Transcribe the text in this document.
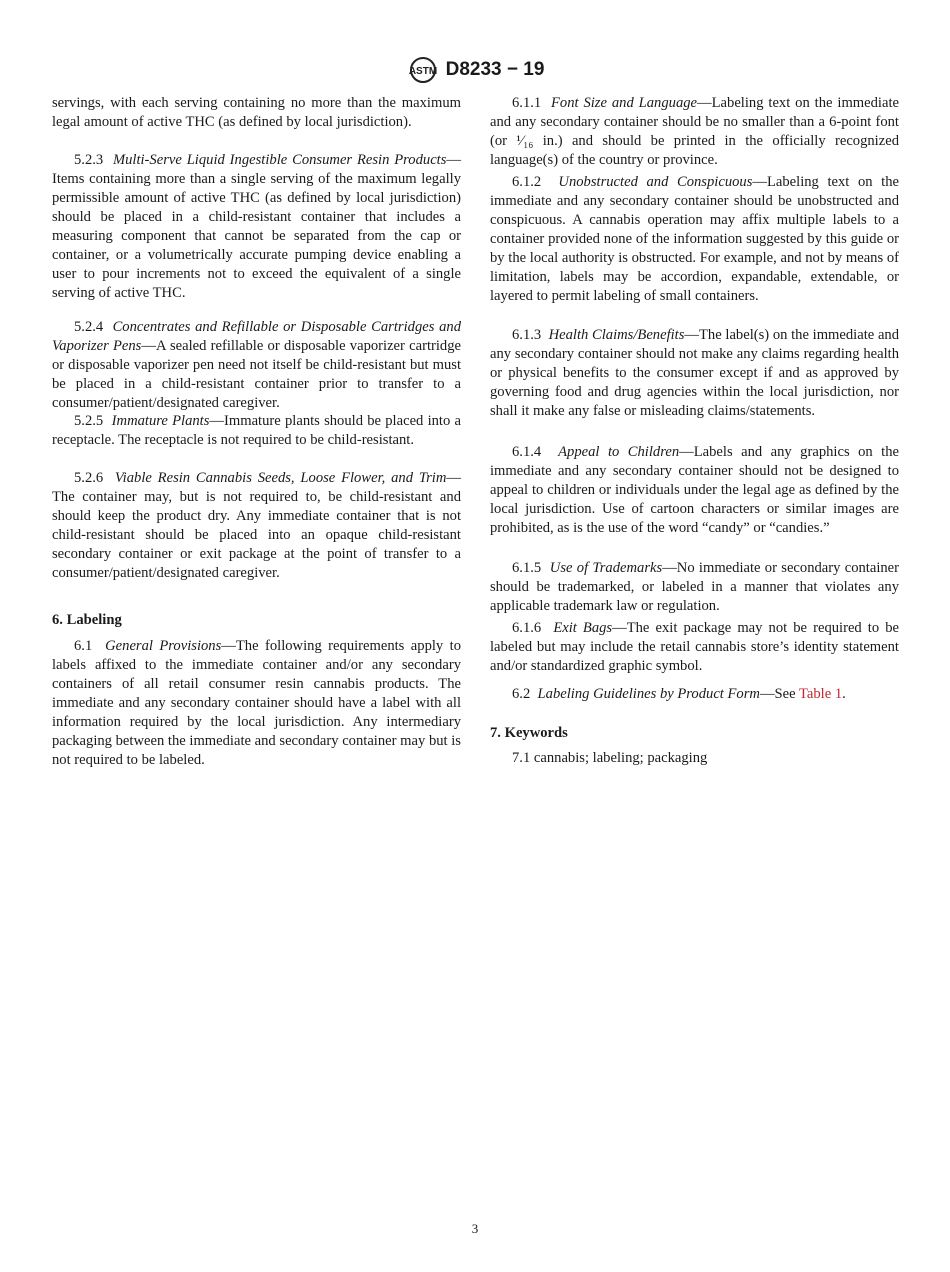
ASTM D8233 − 19

servings, with each serving containing no more than the maximum legal amount of active THC (as defined by local jurisdiction).

5.2.3 Multi-Serve Liquid Ingestible Consumer Resin Products—Items containing more than a single serving of the maximum legally permissible amount of active THC (as defined by local jurisdiction) should be placed in a child-resistant container that includes a measuring component that cannot be separated from the cap or container, or a volumetrically accurate pumping device enabling a user to pour increments not to exceed the equivalent of a single serving of active THC.

5.2.4 Concentrates and Refillable or Disposable Cartridges and Vaporizer Pens—A sealed refillable or disposable vaporizer cartridge or disposable vaporizer pen need not itself be child-resistant but must be placed in a child-resistant container prior to transfer to a consumer/patient/designated caregiver.

5.2.5 Immature Plants—Immature plants should be placed into a receptacle. The receptacle is not required to be child-resistant.

5.2.6 Viable Resin Cannabis Seeds, Loose Flower, and Trim—The container may, but is not required to, be child-resistant and should keep the product dry. Any immediate container that is not child-resistant should be placed into an opaque child-resistant secondary container or exit package at the point of transfer to a consumer/patient/designated caregiver.

6. Labeling

6.1 General Provisions—The following requirements apply to labels affixed to the immediate container and/or any secondary containers of all retail consumer resin cannabis products. The immediate and any secondary container should have a label with all information required by the local jurisdiction. Any intermediary packaging between the immediate and secondary container may but is not required to be labeled.

6.1.1 Font Size and Language—Labeling text on the immediate and any secondary container should be no smaller than a 6-point font (or ¹⁄₁₆ in.) and should be printed in the officially recognized language(s) of the country or province.

6.1.2 Unobstructed and Conspicuous—Labeling text on the immediate and any secondary container should be unobstructed and conspicuous. A cannabis operation may affix multiple labels to a container provided none of the information suggested by this guide or by the local authority is obstructed. For example, and not by means of limitation, labels may be accordion, expandable, extendable, or layered to permit labeling of small containers.

6.1.3 Health Claims/Benefits—The label(s) on the immediate and any secondary container should not make any claims regarding health or physical benefits to the consumer except if and as approved by governing food and drug agencies within the local jurisdiction, nor shall it make any false or misleading claims/statements.

6.1.4 Appeal to Children—Labels and any graphics on the immediate and any secondary container should not be designed to appeal to children or individuals under the legal age as defined by the local jurisdiction. Use of cartoon characters or similar images are prohibited, as is the use of the word “candy” or “candies.”

6.1.5 Use of Trademarks—No immediate or secondary container should be trademarked, or labeled in a manner that violates any applicable trademark law or regulation.

6.1.6 Exit Bags—The exit package may not be required to be labeled but may include the retail cannabis store’s identity statement and/or standardized graphic symbol.

6.2 Labeling Guidelines by Product Form—See Table 1.

7. Keywords

7.1 cannabis; labeling; packaging

3
